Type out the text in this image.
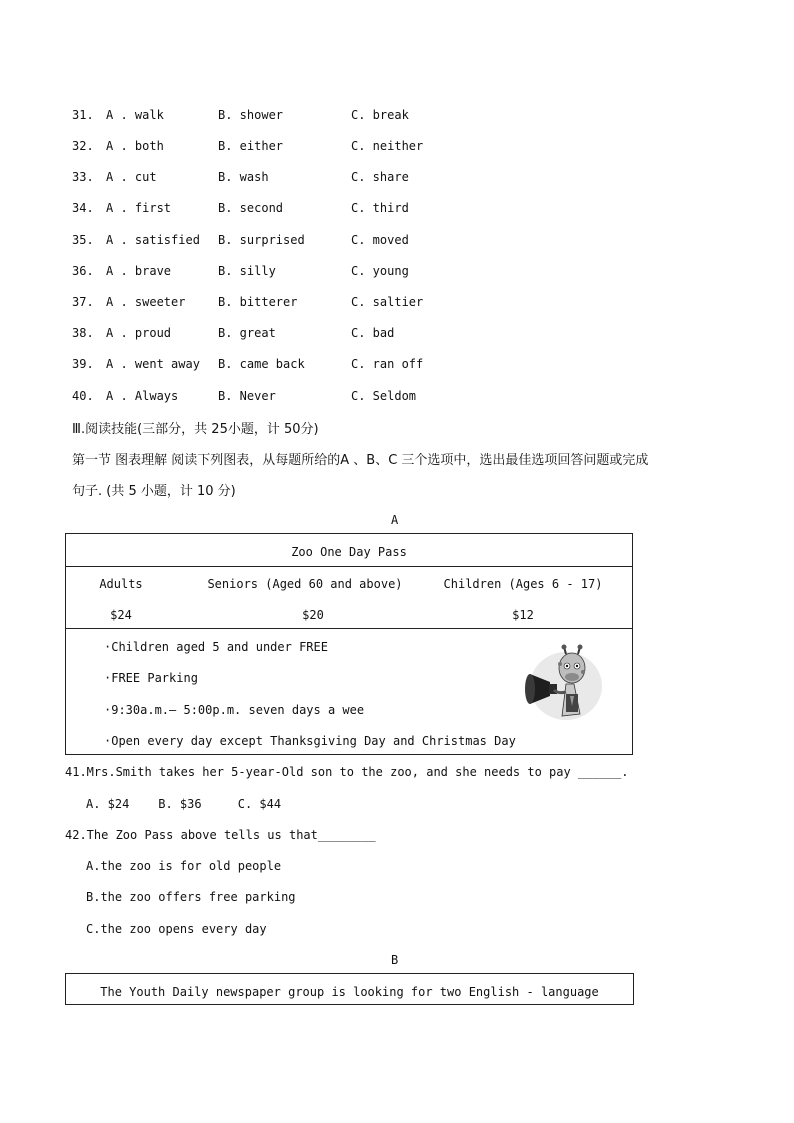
31. A . walk	B. shower	C. break
32. A . both	B. either	C. neither
33. A . cut	B. wash	C. share
34. A . first	B. second	C. third
35. A . satisfied B. surprised	C. moved
36. A . brave	B. silly	C. young
37. A . sweeter	B. bitterer	C. saltier
38. A . proud	B. great	C. bad
39. A . went away B. came back	C. ran off
40. A . Always	B. Never	C. Seldom
Ⅲ.阅读技能(三部分，共 25小题，计 50分)
第一节 图表理解 阅读下列图表，从每题所给的A 、B、C 三个选项中，选出最佳选项回答问题或完成
句子. (共 5 小题，计 10 分)
A
Zoo One Day Pass
Adults	Seniors (Aged 60 and above)	Children (Ages 6 - 17)
$24	$20	$12
·Children aged 5 and under FREE
·FREE Parking
·9:30a.m.— 5:00p.m. seven days a wee
·Open every day except Thanksgiving Day and Christmas Day
41.Mrs.Smith takes her 5-year-Old son to the zoo, and she needs to pay ______.
A. $24    B. $36     C. $44
42.The Zoo Pass above tells us that________
A.the zoo is for old people
B.the zoo offers free parking
C.the zoo opens every day
B
The Youth Daily newspaper group is looking for two English - language
